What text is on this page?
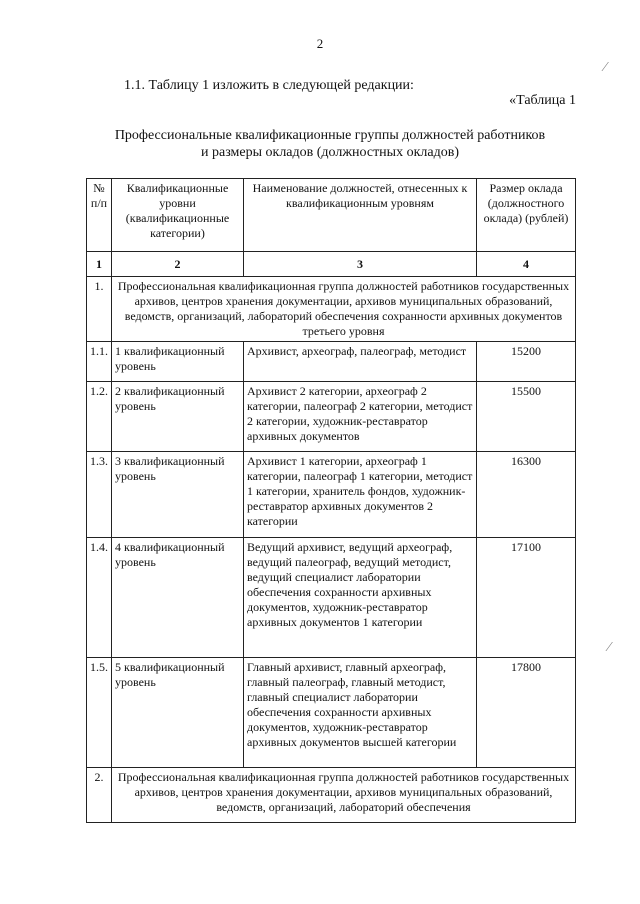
2
1.1. Таблицу 1 изложить в следующей редакции:
«Таблица 1
Профессиональные квалификационные группы должностей работников
и размеры окладов (должностных окладов)
№ п/п	Квалификационные уровни (квалификационные категории)	Наименование должностей, отнесенных к квалификационным уровням	Размер оклада (должностного оклада) (рублей)
1	2	3	4
1.	Профессиональная квалификационная группа должностей работников государственных архивов, центров хранения документации, архивов муниципальных образований, ведомств, организаций, лабораторий обеспечения сохранности архивных документов третьего уровня		
1.1.	1 квалификационный уровень	Архивист, археограф, палеограф, методист	15200
1.2.	2 квалификационный уровень	Архивист 2 категории, археограф 2 категории, палеограф 2 категории, методист 2 категории, художник-реставратор архивных документов	15500
1.3.	3 квалификационный уровень	Архивист 1 категории, археограф 1 категории, палеограф 1 категории, методист 1 категории, хранитель фондов, художник-реставратор архивных документов 2 категории	16300
1.4.	4 квалификационный уровень	Ведущий архивист, ведущий археограф, ведущий палеограф, ведущий методист, ведущий специалист лаборатории обеспечения сохранности архивных документов, художник-реставратор архивных документов 1 категории	17100
1.5.	5 квалификационный уровень	Главный архивист, главный археограф, главный палеограф, главный методист, главный специалист лаборатории обеспечения сохранности архивных документов, художник-реставратор архивных документов высшей категории	17800
2.	Профессиональная квалификационная группа должностей работников государственных архивов, центров хранения документации, архивов муниципальных образований, ведомств, организаций, лабораторий обеспечения		
⁄
⁄
